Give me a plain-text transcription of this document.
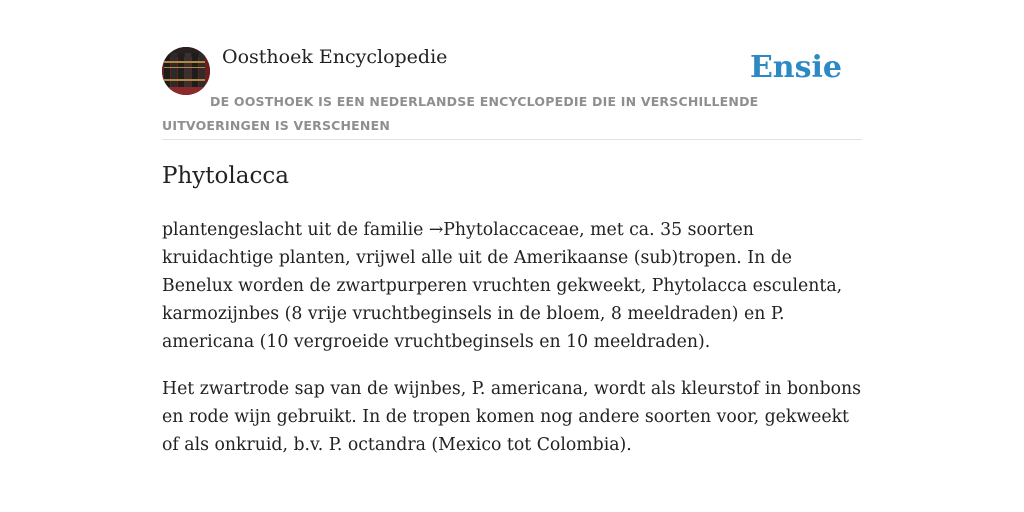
Oosthoek Encyclopedie	Ensie
DE OOSTHOEK IS EEN NEDERLANDSE ENCYCLOPEDIE DIE IN VERSCHILLENDE UITVOERINGEN IS VERSCHENEN
Phytolacca

plantengeslacht uit de familie →Phytolaccaceae, met ca. 35 soorten kruidachtige planten, vrijwel alle uit de Amerikaanse (sub)tropen. In de Benelux worden de zwartpurperen vruchten gekweekt, Phytolacca esculenta, karmozijnbes (8 vrije vruchtbeginsels in de bloem, 8 meeldraden) en P. americana (10 vergroeide vruchtbeginsels en 10 meeldraden).

Het zwartrode sap van de wijnbes, P. americana, wordt als kleurstof in bonbons en rode wijn gebruikt. In de tropen komen nog andere soorten voor, gekweekt of als onkruid, b.v. P. octandra (Mexico tot Colombia).
